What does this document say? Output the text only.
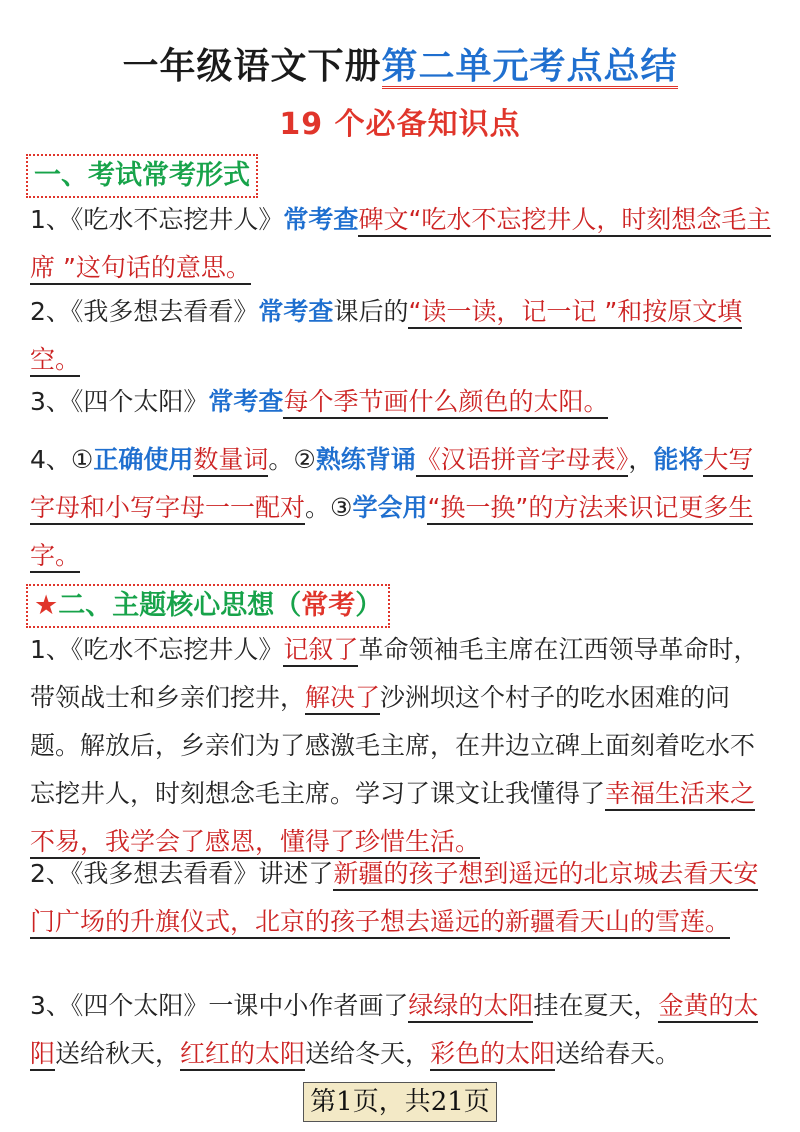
一年级语文下册第二单元考点总结
19 个必备知识点
一、考试常考形式
1、《吃水不忘挖井人》常考查碑文“吃水不忘挖井人，时刻想念毛主席 ”这句话的意思。
2、《我多想去看看》常考查课后的“读一读，记一记 ”和按原文填空。
3、《四个太阳》常考查每个季节画什么颜色的太阳。
4、①正确使用数量词。②熟练背诵《汉语拼音字母表》，能将大写字母和小写字母一一配对。③学会用“换一换”的方法来识记更多生字。
★二、主题核心思想（常考）
1、《吃水不忘挖井人》记叙了革命领袖毛主席在江西领导革命时，带领战士和乡亲们挖井，解决了沙洲坝这个村子的吃水困难的问题。解放后，乡亲们为了感激毛主席，在井边立碑上面刻着吃水不忘挖井人，时刻想念毛主席。学习了课文让我懂得了幸福生活来之不易，我学会了感恩，懂得了珍惜生活。
2、《我多想去看看》讲述了新疆的孩子想到遥远的北京城去看天安门广场的升旗仪式，北京的孩子想去遥远的新疆看天山的雪莲。
3、《四个太阳》一课中小作者画了绿绿的太阳挂在夏天，金黄的太阳送给秋天，红红的太阳送给冬天，彩色的太阳送给春天。
第1页，共21页
